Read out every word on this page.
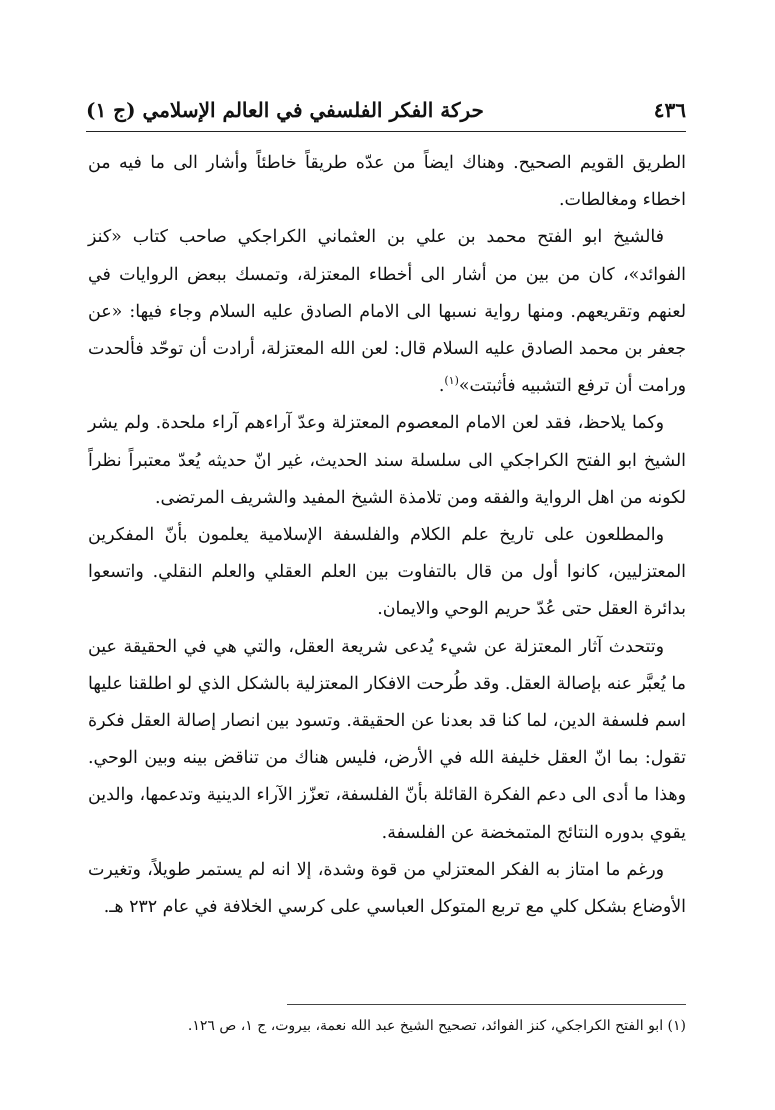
٤٣٦
حركة الفكر الفلسفي في العالم الإسلامي (ج ١)

الطريق القويم الصحيح. وهناك ايضاً من عدّه طريقاً خاطئاً وأشار الى ما فيه من اخطاء ومغالطات.

فالشيخ ابو الفتح محمد بن علي بن العثماني الكراجكي صاحب كتاب «كنز الفوائد»، كان من بين من أشار الى أخطاء المعتزلة، وتمسك ببعض الروايات في لعنهم وتقريعهم. ومنها رواية نسبها الى الامام الصادق عليه السلام وجاء فيها: «عن جعفر بن محمد الصادق عليه السلام قال: لعن الله المعتزلة، أرادت أن توحّد فألحدت ورامت أن ترفع التشبيه فأثبتت»$^{(١)}$.

وكما يلاحظ، فقد لعن الامام المعصوم المعتزلة وعدّ آراءهم آراء ملحدة. ولم يشر الشيخ ابو الفتح الكراجكي الى سلسلة سند الحديث، غير انّ حديثه يُعدّ معتبراً نظراً لكونه من اهل الرواية والفقه ومن تلامذة الشيخ المفيد والشريف المرتضى.

والمطلعون على تاريخ علم الكلام والفلسفة الإسلامية يعلمون بأنّ المفكرين المعتزليين، كانوا أول من قال بالتفاوت بين العلم العقلي والعلم النقلي. واتسعوا بدائرة العقل حتى عُدّ حريم الوحي والايمان.

وتتحدث آثار المعتزلة عن شيء يُدعى شريعة العقل، والتي هي في الحقيقة عين ما يُعبَّر عنه بإصالة العقل. وقد طُرحت الافكار المعتزلية بالشكل الذي لو اطلقنا عليها اسم فلسفة الدين، لما كنا قد بعدنا عن الحقيقة. وتسود بين انصار إصالة العقل فكرة تقول: بما انّ العقل خليفة الله في الأرض، فليس هناك من تناقض بينه وبين الوحي. وهذا ما أدى الى دعم الفكرة القائلة بأنّ الفلسفة، تعزّز الآراء الدينية وتدعمها، والدين يقوي بدوره النتائج المتمخضة عن الفلسفة.

ورغم ما امتاز به الفكر المعتزلي من قوة وشدة، إلا انه لم يستمر طويلاً، وتغيرت الأوضاع بشكل كلي مع تربع المتوكل العباسي على كرسي الخلافة في عام ٢٣٢ هـ.

(١) ابو الفتح الكراجكي، كنز الفوائد، تصحيح الشيخ عبد الله نعمة، بيروت، ج ١، ص ١٢٦.
